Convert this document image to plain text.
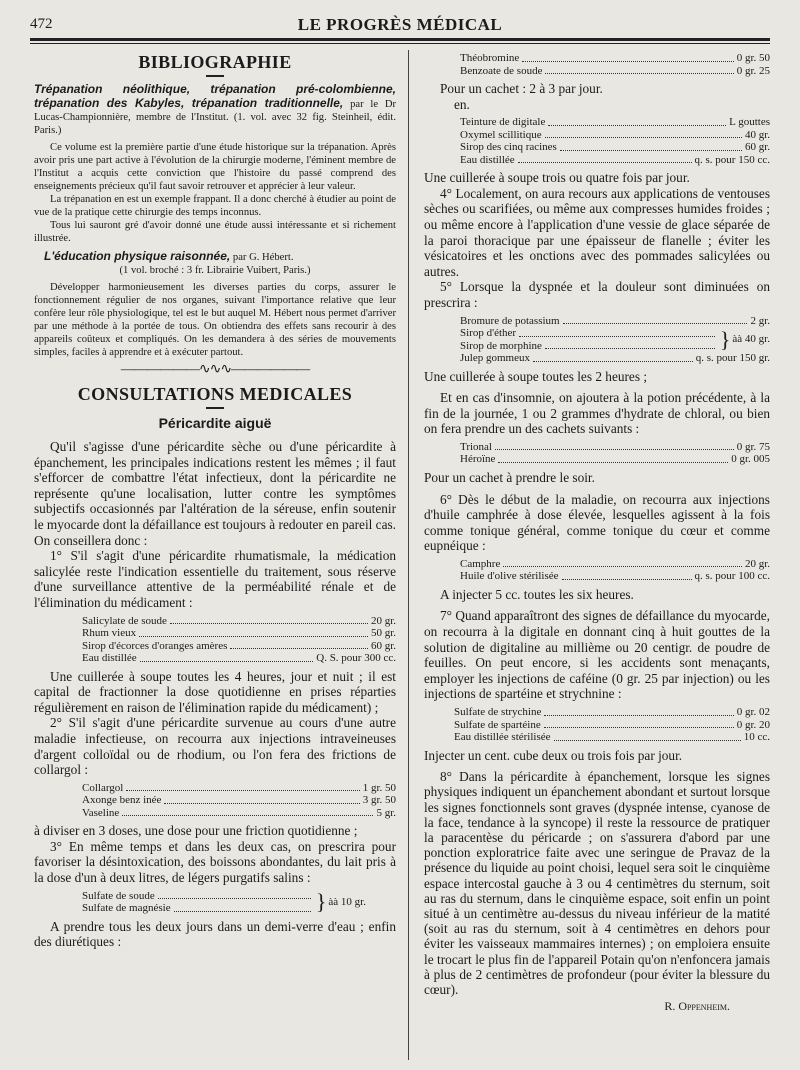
472	LE PROGRÈS MÉDICAL
BIBLIOGRAPHIE

Trépanation néolithique, trépanation pré-colombienne, trépanation des Kabyles, trépanation traditionnelle, par le Dr Lucas-Championnière, membre de l'Institut. (1. vol. avec 32 fig. Steinheil, édit. Paris.)

Ce volume est la première partie d'une étude historique sur la trépanation. Après avoir pris une part active à l'évolution de la chirurgie moderne, l'éminent membre de l'Institut a acquis cette conviction que l'histoire du passé comprend des enseignements précieux qu'il faut savoir retrouver et apprécier à leur valeur.

La trépanation en est un exemple frappant. Il a donc cherché à étudier au point de vue de la pratique cette chirurgie des temps inconnus.

Tous lui sauront gré d'avoir donné une étude aussi intéressante et si richement illustrée.

L'éducation physique raisonnée, par G. Hébert.

(1 vol. broché : 3 fr. Librairie Vuibert, Paris.)

Développer harmonieusement les diverses parties du corps, assurer le fonctionnement régulier de nos organes, suivant l'importance relative que leur confère leur rôle physiologique, tel est le but auquel M. Hébert nous permet d'arriver par une méthode à la portée de tous. On obtiendra des effets sans recourir à des appareils coûteux et compliqués. On les demandera à des séries de mouvements simples, faciles à apprendre et à exécuter partout.

——————∿∿∿——————
CONSULTATIONS MEDICALES
Péricardite aiguë

Qu'il s'agisse d'une péricardite sèche ou d'une péricardite à épanchement, les principales indications restent les mêmes ; il faut s'efforcer de combattre l'état infectieux, dont la péricardite ne représente qu'une localisation, lutter contre les symptômes subjectifs occasionnés par l'altération de la séreuse, enfin soutenir le myocarde dont la défaillance est toujours à redouter en pareil cas. On conseillera donc :

1° S'il s'agit d'une péricardite rhumatismale, la médication salicylée reste l'indication essentielle du traitement, sous réserve d'une surveillance attentive de la perméabilité rénale et de l'élimination du médicament :

Salicylate de soude	20 gr.
Rhum vieux	50 gr.
Sirop d'écorces d'oranges amères	60 gr.
Eau distillée	Q. S. pour 300 cc.

Une cuillerée à soupe toutes les 4 heures, jour et nuit ; il est capital de fractionner la dose quotidienne en prises réparties régulièrement en raison de l'élimination rapide du médicament) ;

2° S'il s'agit d'une péricardite survenue au cours d'une autre maladie infectieuse, on recourra aux injections intraveineuses d'argent colloïdal ou de rhodium, ou l'on fera des frictions de collargol :

Collargol	1 gr. 50
Axonge benz inée	3 gr. 50
Vaseline	5 gr.

à diviser en 3 doses, une dose pour une friction quotidienne ;

3° En même temps et dans les deux cas, on prescrira pour favoriser la désintoxication, des boissons abondantes, du lait pris à la dose d'un à deux litres, de légers purgatifs salins :

Sulfate de soude
Sulfate de magnésie	} àà 10 gr.

A prendre tous les deux jours dans un demi-verre d'eau ; enfin des diurétiques :

Théobromine	0 gr. 50
Benzoate de soude	0 gr. 25

Pour un cachet : 2 à 3 par jour.

en.

Teinture de digitale	L gouttes
Oxymel scillitique	40 gr.
Sirop des cinq racines	60 gr.
Eau distillée	q. s. pour 150 cc.

Une cuillerée à soupe trois ou quatre fois par jour.

4° Localement, on aura recours aux applications de ventouses sèches ou scarifiées, ou même aux compresses humides froides ; ou même encore à l'application d'une vessie de glace séparée de la paroi thoracique par une épaisseur de flanelle ; éviter les vésicatoires et les onctions avec des pommades salicylées ou autres.

5° Lorsque la dyspnée et la douleur sont diminuées on prescrira :

Bromure de potassium	2 gr.
Sirop d'éther
Sirop de morphine	} àà 40 gr.
Julep gommeux	q. s. pour 150 gr.

Une cuillerée à soupe toutes les 2 heures ;

Et en cas d'insomnie, on ajoutera à la potion précédente, à la fin de la journée, 1 ou 2 grammes d'hydrate de chloral, ou bien on fera prendre un des cachets suivants :

Trional	0 gr. 75
Héroïne	0 gr. 005

Pour un cachet à prendre le soir.

6° Dès le début de la maladie, on recourra aux injections d'huile camphrée à dose élevée, lesquelles agissent à la fois comme tonique général, comme tonique du cœur et comme eupnéique :

Camphre	20 gr.
Huile d'olive stérilisée	q. s. pour 100 cc.

A injecter 5 cc. toutes les six heures.

7° Quand apparaîtront des signes de défaillance du myocarde, on recourra à la digitale en donnant cinq à huit gouttes de la solution de digitaline au millième ou 20 centigr. de poudre de feuilles. On peut encore, si les accidents sont menaçants, employer les injections de caféine (0 gr. 25 par injection) ou les injections de spartéine et strychnine :

Sulfate de strychine	0 gr. 02
Sulfate de spartéine	0 gr. 20
Eau distillée stérilisée	10 cc.

Injecter un cent. cube deux ou trois fois par jour.

8° Dans la péricardite à épanchement, lorsque les signes physiques indiquent un épanchement abondant et surtout lorsque les signes fonctionnels sont graves (dyspnée intense, cyanose de la face, tendance à la syncope) il reste la ressource de pratiquer la paracentèse du péricarde ; on s'assurera d'abord par une ponction exploratrice faite avec une seringue de Pravaz de la présence du liquide au point choisi, lequel sera soit le cinquième espace intercostal gauche à 3 ou 4 centimètres du sternum, soit au ras du sternum, dans le cinquième espace, soit enfin un point situé à un centimètre au-dessus du niveau inférieur de la matité (soit au ras du sternum, soit à 4 centimètres en dehors pour éviter les vaisseaux mammaires internes) ; on emploiera ensuite le trocart le plus fin de l'appareil Potain qu'on n'enfoncera jamais à plus de 2 centimètres de profondeur (pour éviter la blessure du cœur).

R. Oppenheim.
